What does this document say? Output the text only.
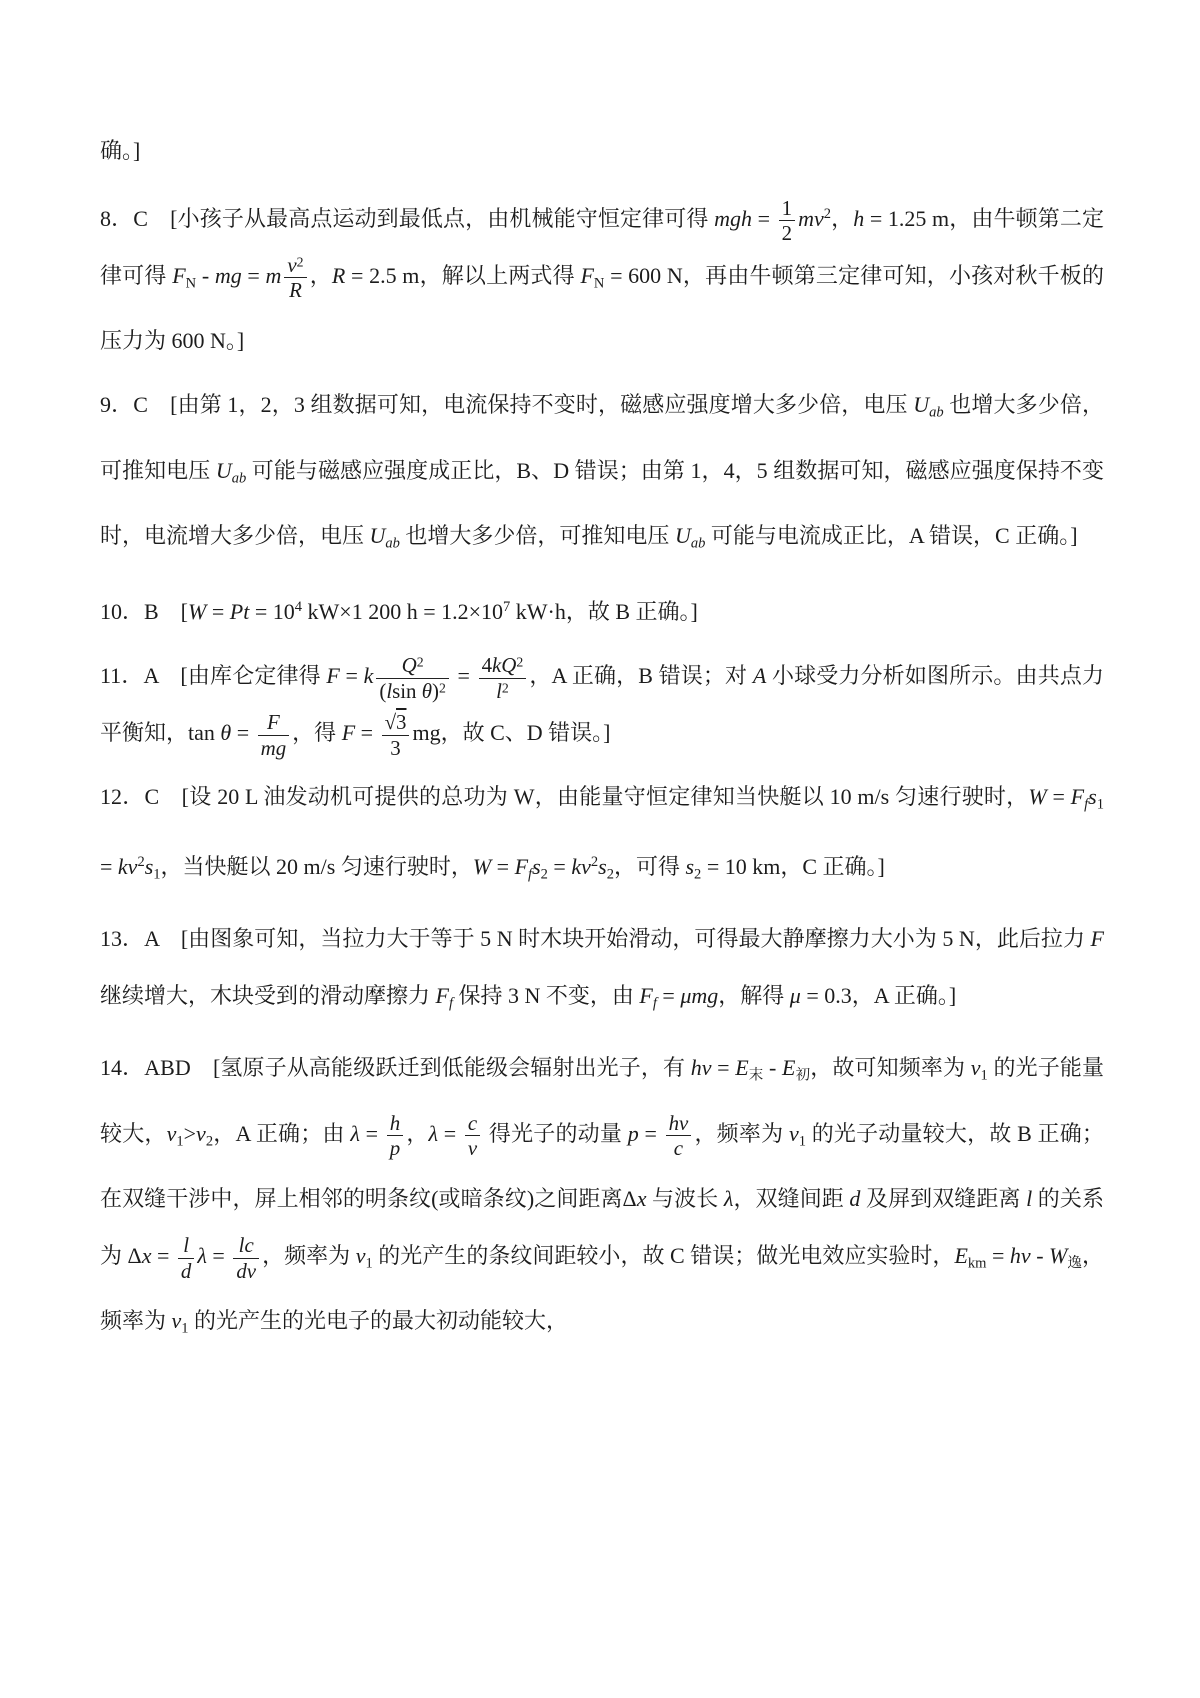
确。]

8．C　[小孩子从最高点运动到最低点，由机械能守恒定律可得 mgh = $\frac{1}{2} mv^2$，h = 1.25 m，由牛顿第二定律可得 $F_N$ - mg = m $\frac{v^2}{R}$ ，R = 2.5 m，解以上两式得 $F_N = 600$ N，再由牛顿第三定律可知，小孩对秋千板的压力为 600 N。]

9．C　[由第 1，2，3 组数据可知，电流保持不变时，磁感应强度增大多少倍，电压 Uab 也增大多少倍，可推知电压 Uab 可能与磁感应强度成正比，B、D 错误；由第 1，4，5 组数据可知，磁感应强度保持不变时，电流增大多少倍，电压 Uab 也增大多少倍，可推知电压 Uab 可能与电流成正比，A 错误，C 正确。]

10．B　[$W = Pt = 10^4$ kW×1 200 $h = 1.2\times 10^7$ kW·h，故 B 正确。]

11．A　[由库仑定律得 F = k $\frac{Q^2}{(lsin \theta)^2} = \frac{4kQ^2}{l^2}$ ，A 正确，B 错误；对 A 小球受力分析如图所示。由共点力平衡知，$\tan \theta = \frac{F}{mg}$ ，得 $F = \frac{√3}{3}$ mg，故 C、D 错误。]

12．C　[设 20 L 油发动机可提供的总功为 W，由能量守恒定律知当快艇以 10 m/s 匀速行驶时，$W = Ffs_1 = kv^2s_1$，当快艇以 20 m/s 匀速行驶时，$W = Ffs_2 = kv^2s_2$，可得 $s_2 = 10$ km，C 正确。]

13．A　[由图象可知，当拉力大于等于 5 N 时木块开始滑动，可得最大静摩擦力大小为 5 N，此后拉力 F 继续增大，木块受到的滑动摩擦力 Ff 保持 3 N 不变，由 Ff = μmg，解得 μ = 0.3，A 正确。]

14．ABD　[氢原子从高能级跃迁到低能级会辐射出光子，有 $h\nu = E_末 - E_初$，故可知频率为 $\nu_1$ 的光子能量较大，$\nu_1>\nu_2$，A 正确；由 $\lambda = \frac{h}{p}$ ，$\lambda = \frac{c}{\nu}$ 得光子的动量 $p = \frac{h\nu}{c}$ ，频率为 $\nu_1$ 的光子动量较大，故 B 正确；在双缝干涉中，屏上相邻的明条纹(或暗条纹)之间距离Δx 与波长 λ，双缝间距 d 及屏到双缝距离 l 的关系为 $\Delta x = \frac{l}{d}$ $\lambda = \frac{lc}{d\nu}$ ，频率为 $\nu_1$ 的光产生的条纹间距较小，故 C 错误；做光电效应实验时，$E_{km} = h\nu - W_逸$，频率为 $\nu_1$ 的光产生的光电子的最大初动能较大，
